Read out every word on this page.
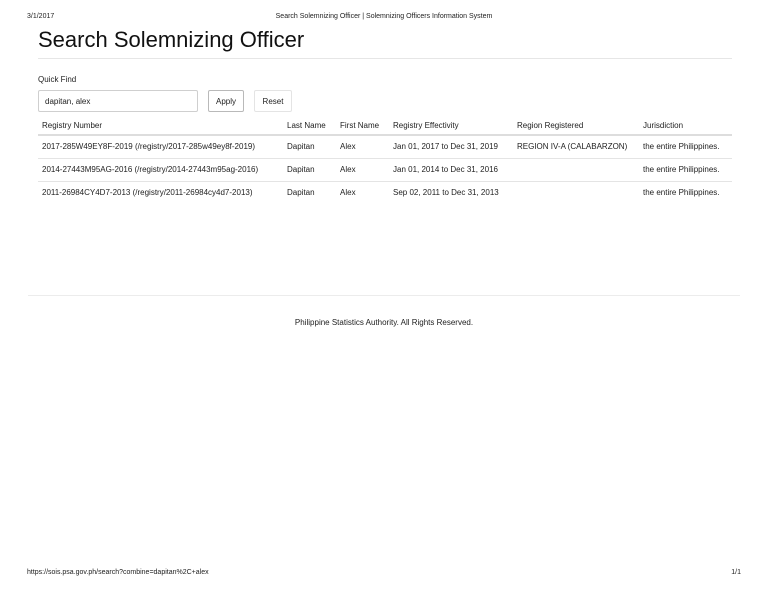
3/1/2017	Search Solemnizing Officer | Solemnizing Officers Information System
Search Solemnizing Officer
Quick Find
dapitan, alex
Apply	Reset
Registry Number	Last Name	First Name	Registry Effectivity	Region Registered	Jurisdiction
2017-285W49EY8F-2019 (/registry/2017-285w49ey8f-2019)	Dapitan	Alex	Jan 01, 2017 to Dec 31, 2019	REGION IV-A (CALABARZON)	the entire Philippines.
2014-27443M95AG-2016 (/registry/2014-27443m95ag-2016)	Dapitan	Alex	Jan 01, 2014 to Dec 31, 2016		the entire Philippines.
2011-26984CY4D7-2013 (/registry/2011-26984cy4d7-2013)	Dapitan	Alex	Sep 02, 2011 to Dec 31, 2013		the entire Philippines.
Philippine Statistics Authority. All Rights Reserved.
https://sois.psa.gov.ph/search?combine=dapitan%2C+alex	1/1
